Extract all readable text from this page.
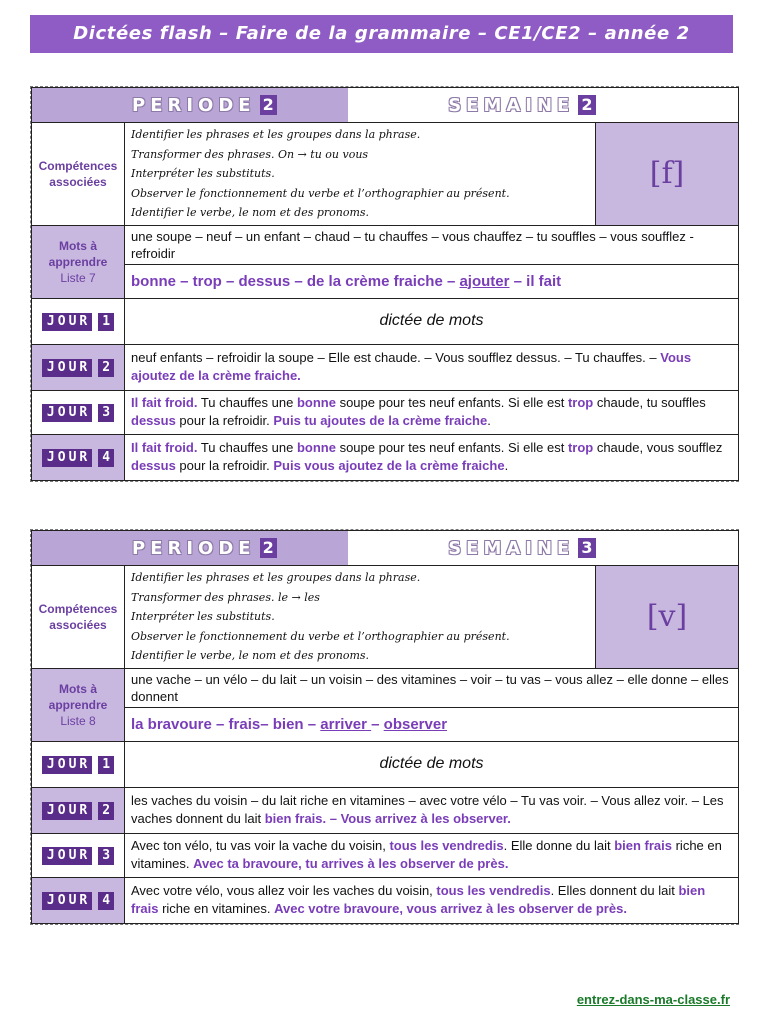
Dictées flash – Faire de la grammaire – CE1/CE2 – année 2
PERIODE 2 SEMAINE 2		

Compétences associées	Identifier les phrases et les groupes dans la phrase.
Transformer des phrases. On → tu ou vous
Interpréter les substituts.
Observer le fonctionnement du verbe et l’orthographier au présent.
Identifier le verbe, le nom et des pronoms.	[f]

Mots à apprendre
Liste 7	une soupe – neuf – un enfant – chaud – tu chauffes – vous chauffez – tu souffles – vous soufflez - refroidir	
	bonne – trop – dessus – de la crème fraiche – ajouter – il fait	
JOUR 1	dictée de mots	
JOUR 2	neuf enfants – refroidir la soupe – Elle est chaude. – Vous soufflez dessus. – Tu chauffes. – Vous ajoutez de la crème fraiche.	
JOUR 3	Il fait froid. Tu chauffes une bonne soupe pour tes neuf enfants. Si elle est trop chaude, tu souffles dessus pour la refroidir. Puis tu ajoutes de la crème fraiche.	
JOUR 4	Il fait froid. Tu chauffes une bonne soupe pour tes neuf enfants. Si elle est trop chaude, vous soufflez dessus pour la refroidir. Puis vous ajoutez de la crème fraiche.	
PERIODE 2 SEMAINE 3		

Compétences associées	Identifier les phrases et les groupes dans la phrase.
Transformer des phrases. le → les
Interpréter les substituts.
Observer le fonctionnement du verbe et l’orthographier au présent.
Identifier le verbe, le nom et des pronoms.	[v]

Mots à apprendre
Liste 8	une vache – un vélo – du lait – un voisin – des vitamines – voir – tu vas – vous allez – elle donne – elles donnent	
	la bravoure – frais– bien – arriver – observer	
JOUR 1	dictée de mots	
JOUR 2	les vaches du voisin – du lait riche en vitamines – avec votre vélo – Tu vas voir. – Vous allez voir. – Les vaches donnent du lait bien frais. – Vous arrivez à les observer.	
JOUR 3	Avec ton vélo, tu vas voir la vache du voisin, tous les vendredis. Elle donne du lait bien frais riche en vitamines. Avec ta bravoure, tu arrives à les observer de près.	
JOUR 4	Avec votre vélo, vous allez voir les vaches du voisin, tous les vendredis. Elles donnent du lait bien frais riche en vitamines. Avec votre bravoure, vous arrivez à les observer de près.	
entrez-dans-ma-classe.fr
